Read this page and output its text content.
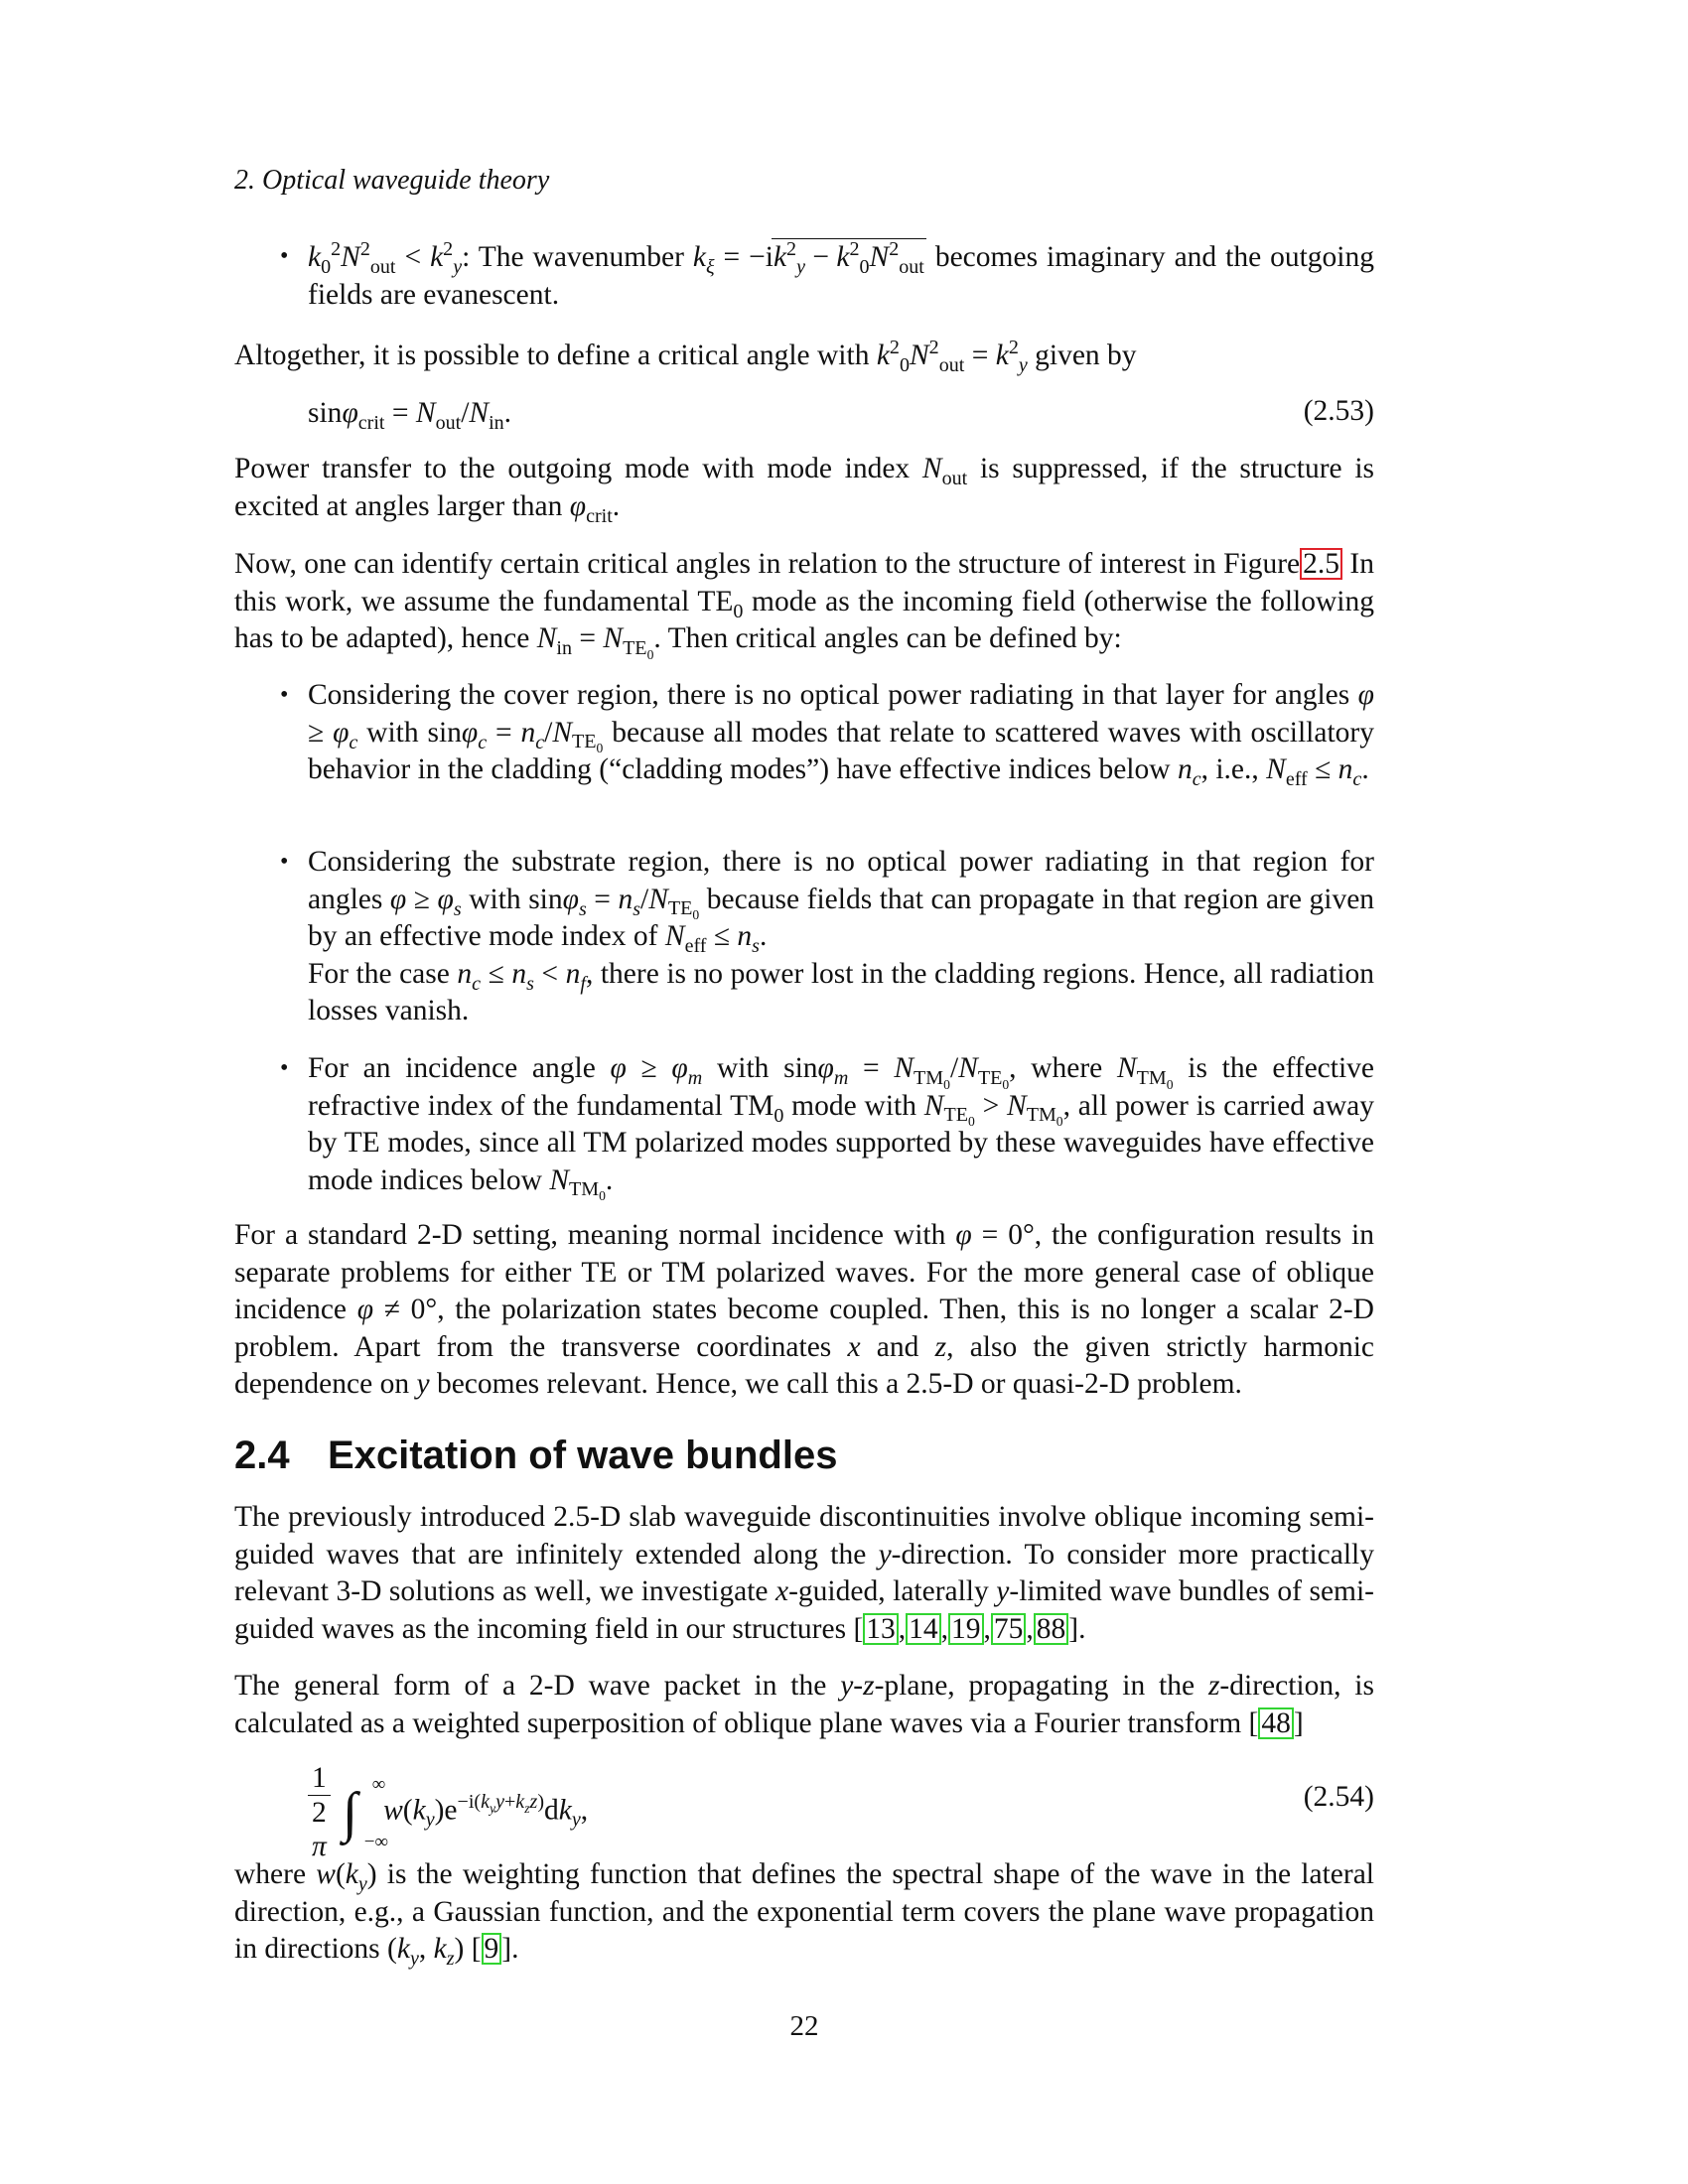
2. Optical waveguide theory
• $k_0^2N^2_{out} < k^2_y$: The wavenumber $k_\xi = -ik^2_y - k^2_0N^2_{out}$ becomes imaginary and the outgoing fields are evanescent.
Altogether, it is possible to define a critical angle with $k^2_0N^2_{out} = k^2_y$ given by
$\sin\varphi_{crit} = N_{out}/N_{in}$.	(2.53)
Power transfer to the outgoing mode with mode index $N_{out}$ is suppressed, if the structure is excited at angles larger than $\varphi_{crit}$.
Now, one can identify certain critical angles in relation to the structure of interest in Figure 2.5 In this work, we assume the fundamental $TE_0$ mode as the incoming field (otherwise the following has to be adapted), hence $N_{in} = N_{TE_0}$. Then critical angles can be defined by:
• Considering the cover region, there is no optical power radiating in that layer for angles $\varphi \ge \varphi_c$ with $\sin\varphi_c = n_c/N_{TE_0}$ because all modes that relate to scattered waves with oscillatory behavior in the cladding (“cladding modes”) have effective indices below $n_c$, i.e., $N_{eff} \le n_c$.
• Considering the substrate region, there is no optical power radiating in that region for angles $\varphi \ge \varphi_s$ with $\sin\varphi_s = n_s/N_{TE_0}$ because fields that can propagate in that region are given by an effective mode index of $N_{eff} \le n_s$.
For the case $n_c \le n_s < n_f$, there is no power lost in the cladding regions. Hence, all radiation losses vanish.
• For an incidence angle $\varphi \ge \varphi_m$ with $\sin\varphi_m = N_{TM_0}/N_{TE_0}$, where $N_{TM_0}$ is the effective refractive index of the fundamental $TM_0$ mode with $N_{TE_0} > N_{TM_0}$, all power is carried away by TE modes, since all TM polarized modes supported by these waveguides have effective mode indices below $N_{TM_0}$.
For a standard 2-D setting, meaning normal incidence with φ = 0°, the configuration results in separate problems for either TE or TM polarized waves. For the more general case of oblique incidence φ ≠ 0°, the polarization states become coupled. Then, this is no longer a scalar 2-D problem. Apart from the transverse coordinates x and z, also the given strictly harmonic dependence on y becomes relevant. Hence, we call this a 2.5-D or quasi-2-D problem.
2.4 Excitation of wave bundles
The previously introduced 2.5-D slab waveguide discontinuities involve oblique incoming semi-guided waves that are infinitely extended along the y-direction. To consider more practically relevant 3-D solutions as well, we investigate x-guided, laterally y-limited wave bundles of semi-guided waves as the incoming field in our structures [ 13 , 14 , 19 , 75 , 88 ].
The general form of a 2-D wave packet in the y-z-plane, propagating in the z-direction, is calculated as a weighted superposition of oblique plane waves via a Fourier transform [ 48 ]
1
2
π ∫ ∞
−∞
$w(k_y)e^{-i(k_yy+k_zz)}dk_y$,	(2.54)
where $w(k_y)$ is the weighting function that defines the spectral shape of the wave in the lateral direction, e.g., a Gaussian function, and the exponential term covers the plane wave propagation in directions ($k_y$, $k_z$) [ 9 ].
22
